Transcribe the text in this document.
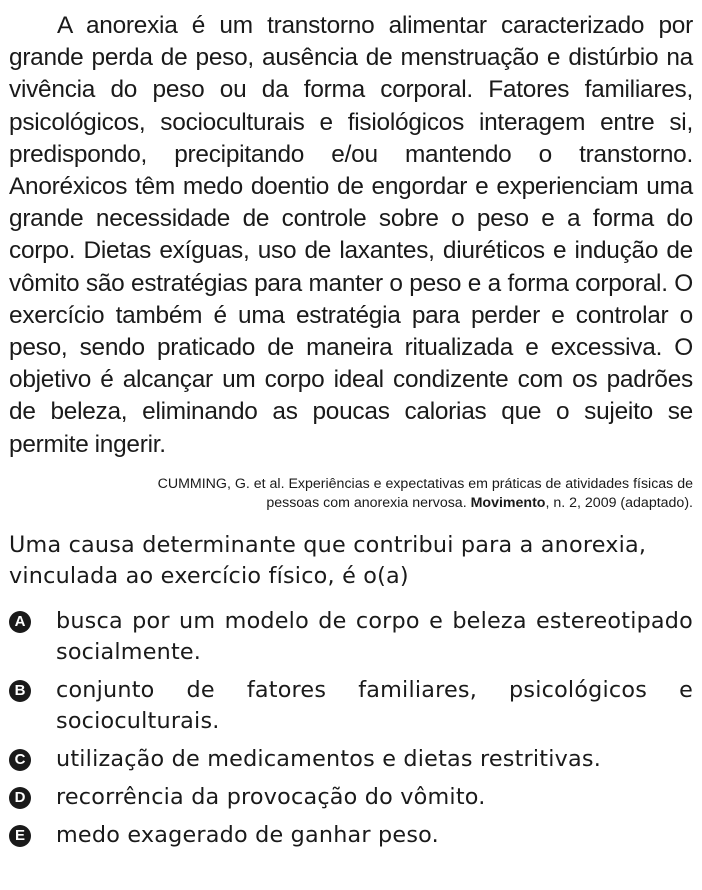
A anorexia é um transtorno alimentar caracterizado por grande perda de peso, ausência de menstruação e distúrbio na vivência do peso ou da forma corporal. Fatores familiares, psicológicos, socioculturais e fisiológicos interagem entre si, predispondo, precipitando e/ou mantendo o transtorno. Anoréxicos têm medo doentio de engordar e experienciam uma grande necessidade de controle sobre o peso e a forma do corpo. Dietas exíguas, uso de laxantes, diuréticos e indução de vômito são estratégias para manter o peso e a forma corporal. O exercício também é uma estratégia para perder e controlar o peso, sendo praticado de maneira ritualizada e excessiva. O objetivo é alcançar um corpo ideal condizente com os padrões de beleza, eliminando as poucas calorias que o sujeito se permite ingerir.

CUMMING, G. et al. Experiências e expectativas em práticas de atividades físicas de
pessoas com anorexia nervosa. Movimento, n. 2, 2009 (adaptado).

Uma causa determinante que contribui para a anorexia, vinculada ao exercício físico, é o(a)

A busca por um modelo de corpo e beleza estereotipado socialmente.
B conjunto de fatores familiares, psicológicos e socioculturais.
C utilização de medicamentos e dietas restritivas.
D recorrência da provocação do vômito.
E medo exagerado de ganhar peso.
